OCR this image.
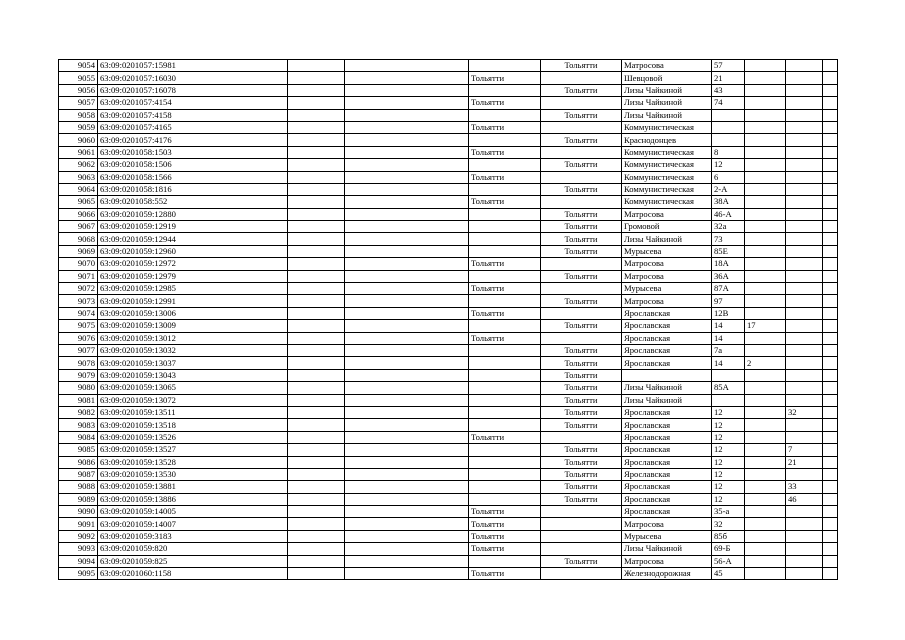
9054	63:09:0201057:15981				Тольятти	Матросова	57			
9055	63:09:0201057:16030			Тольятти		Шевцовой	21			
9056	63:09:0201057:16078				Тольятти	Лизы Чайкиной	43			
9057	63:09:0201057:4154			Тольятти		Лизы Чайкиной	74			
9058	63:09:0201057:4158				Тольятти	Лизы Чайкиной				
9059	63:09:0201057:4165			Тольятти		Коммунистическая				
9060	63:09:0201057:4176				Тольятти	Краснодонцев				
9061	63:09:0201058:1503			Тольятти		Коммунистическая	8			
9062	63:09:0201058:1506				Тольятти	Коммунистическая	12			
9063	63:09:0201058:1566			Тольятти		Коммунистическая	6			
9064	63:09:0201058:1816				Тольятти	Коммунистическая	2-А			
9065	63:09:0201058:552			Тольятти		Коммунистическая	38А			
9066	63:09:0201059:12880				Тольятти	Матросова	46-А			
9067	63:09:0201059:12919				Тольятти	Громовой	32а			
9068	63:09:0201059:12944				Тольятти	Лизы Чайкиной	73			
9069	63:09:0201059:12960				Тольятти	Мурысева	85Е			
9070	63:09:0201059:12972			Тольятти		Матросова	18А			
9071	63:09:0201059:12979				Тольятти	Матросова	36А			
9072	63:09:0201059:12985			Тольятти		Мурысева	87А			
9073	63:09:0201059:12991				Тольятти	Матросова	97			
9074	63:09:0201059:13006			Тольятти		Ярославская	12В			
9075	63:09:0201059:13009				Тольятти	Ярославская	14	17		
9076	63:09:0201059:13012			Тольятти		Ярославская	14			
9077	63:09:0201059:13032				Тольятти	Ярославская	7а			
9078	63:09:0201059:13037				Тольятти	Ярославская	14	2		
9079	63:09:0201059:13043				Тольятти					
9080	63:09:0201059:13065				Тольятти	Лизы Чайкиной	85А			
9081	63:09:0201059:13072				Тольятти	Лизы Чайкиной				
9082	63:09:0201059:13511				Тольятти	Ярославская	12		32	
9083	63:09:0201059:13518				Тольятти	Ярославская	12			
9084	63:09:0201059:13526			Тольятти		Ярославская	12			
9085	63:09:0201059:13527				Тольятти	Ярославская	12		7	
9086	63:09:0201059:13528				Тольятти	Ярославская	12		21	
9087	63:09:0201059:13530				Тольятти	Ярославская	12			
9088	63:09:0201059:13881				Тольятти	Ярославская	12		33	
9089	63:09:0201059:13886				Тольятти	Ярославская	12		46	
9090	63:09:0201059:14005			Тольятти		Ярославская	35-а			
9091	63:09:0201059:14007			Тольятти		Матросова	32			
9092	63:09:0201059:3183			Тольятти		Мурысева	85б			
9093	63:09:0201059:820			Тольятти		Лизы Чайкиной	69-Б			
9094	63:09:0201059:825				Тольятти	Матросова	56-А			
9095	63:09:0201060:1158			Тольятти		Железнодорожная	45			
